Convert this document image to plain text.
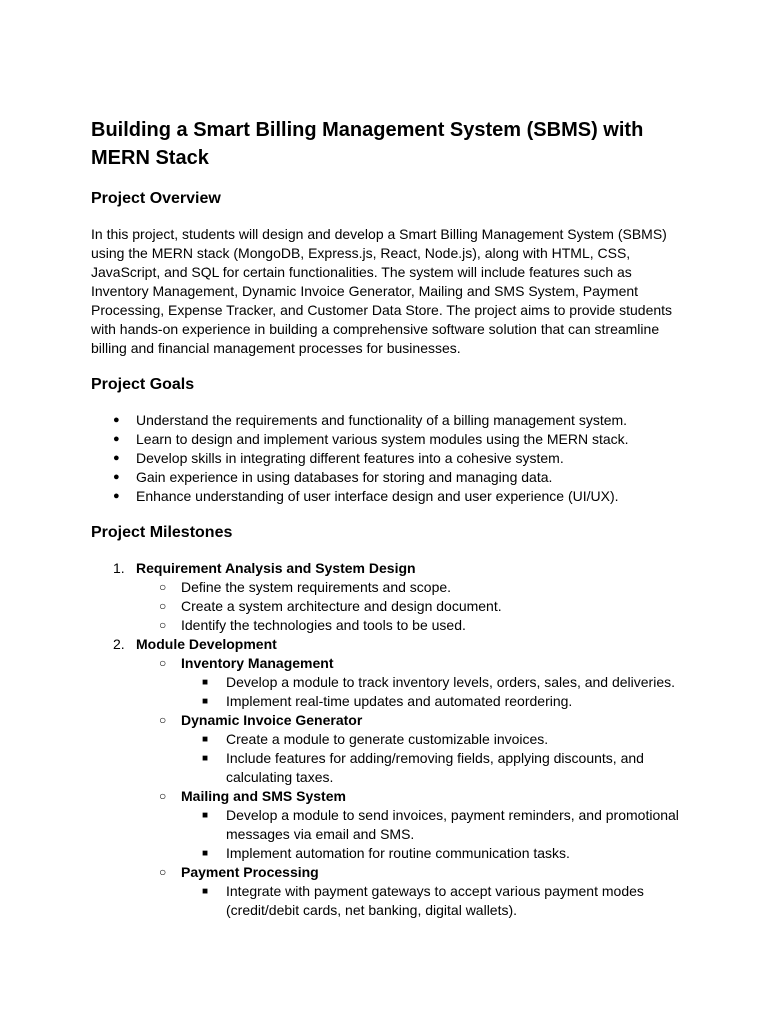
Building a Smart Billing Management System (SBMS) with MERN Stack
Project Overview

In this project, students will design and develop a Smart Billing Management System (SBMS) using the MERN stack (MongoDB, Express.js, React, Node.js), along with HTML, CSS, JavaScript, and SQL for certain functionalities. The system will include features such as Inventory Management, Dynamic Invoice Generator, Mailing and SMS System, Payment Processing, Expense Tracker, and Customer Data Store. The project aims to provide students with hands-on experience in building a comprehensive software solution that can streamline billing and financial management processes for businesses.

Project Goals
● Understand the requirements and functionality of a billing management system.
● Learn to design and implement various system modules using the MERN stack.
● Develop skills in integrating different features into a cohesive system.
● Gain experience in using databases for storing and managing data.
● Enhance understanding of user interface design and user experience (UI/UX).
Project Milestones
1. Requirement Analysis and System Design
○ Define the system requirements and scope.
○ Create a system architecture and design document.
○ Identify the technologies and tools to be used.
2. Module Development
○ Inventory Management
■ Develop a module to track inventory levels, orders, sales, and deliveries.
■ Implement real-time updates and automated reordering.
○ Dynamic Invoice Generator
■ Create a module to generate customizable invoices.
■ Include features for adding/removing fields, applying discounts, and calculating taxes.
○ Mailing and SMS System
■ Develop a module to send invoices, payment reminders, and promotional messages via email and SMS.
■ Implement automation for routine communication tasks.
○ Payment Processing
■ Integrate with payment gateways to accept various payment modes (credit/debit cards, net banking, digital wallets).
